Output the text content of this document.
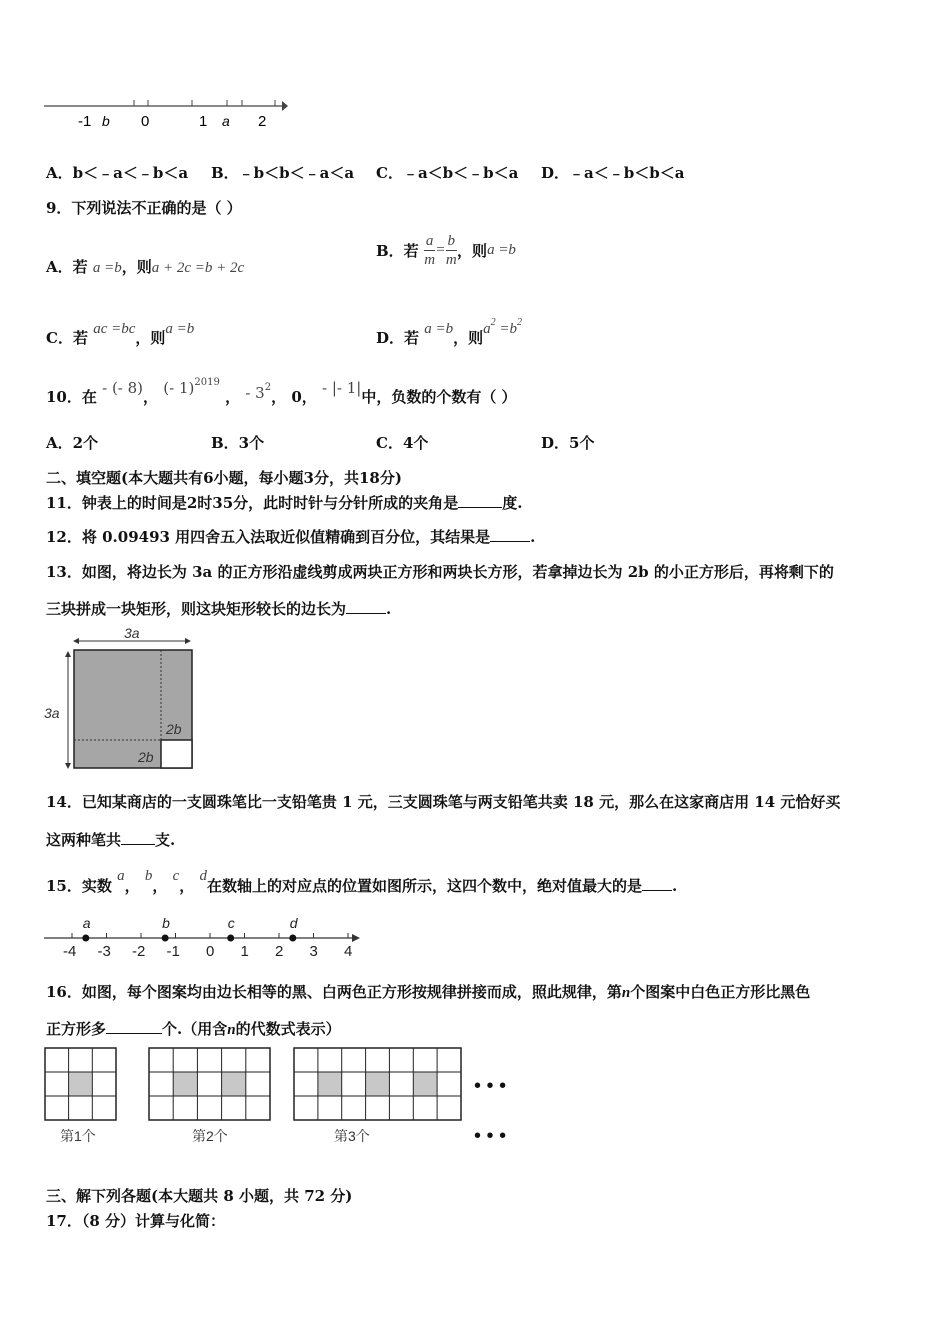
-1 b 0	1 a 2
A．b＜﹣a＜﹣b＜a B．﹣b＜b＜﹣a＜a C．﹣a＜b＜﹣b＜a D．﹣a＜﹣b＜b＜a
9．下列说法不正确的是（ ）
A．若 a =b，则a + 2c =b + 2c
B．若 $\frac{a}{m} = \frac{b}{m}$ ，则a =b
C．若 ac =bc，则a =b	D．若 a =b，则$a^2 =b^2$
10．在 - (- 8)， (- 1)$^{2019}$ ， - $3^2$， 0， - |- 1|中，负数的个数有（ ）
A．2个	B．3个	C．4个	D．5个
二、填空题(本大题共有6小题，每小题3分，共18分)
11．钟表上的时间是2时35分，此时时针与分针所成的夹角是	度.
12．将 0.09493 用四舍五入法取近似值精确到百分位，其结果是	.
13．如图，将边长为 3a 的正方形沿虚线剪成两块正方形和两块长方形，若拿掉边长为 2b 的小正方形后，再将剩下的
三块拼成一块矩形，则这块矩形较长的边长为	.
3a
3a
2b
2b
14．已知某商店的一支圆珠笔比一支铅笔贵 1 元，三支圆珠笔与两支铅笔共卖 18 元，那么在这家商店用 14 元恰好买
这两种笔共 支.
15．实数 a， b， c， d在数轴上的对应点的位置如图所示，这四个数中，绝对值最大的是 .
-4 -3 -2 -1 0 1 2 3 4
a	b	c	d
16．如图，每个图案均由边长相等的黑、白两色正方形按规律拼接而成，照此规律，第n个图案中白色正方形比黑色
正方形多	个.（用含n的代数式表示）
第1个	第2个	第3个
• • •
• • •
三、解下列各题(本大题共 8 小题，共 72 分)
17．（8 分）计算与化简：
